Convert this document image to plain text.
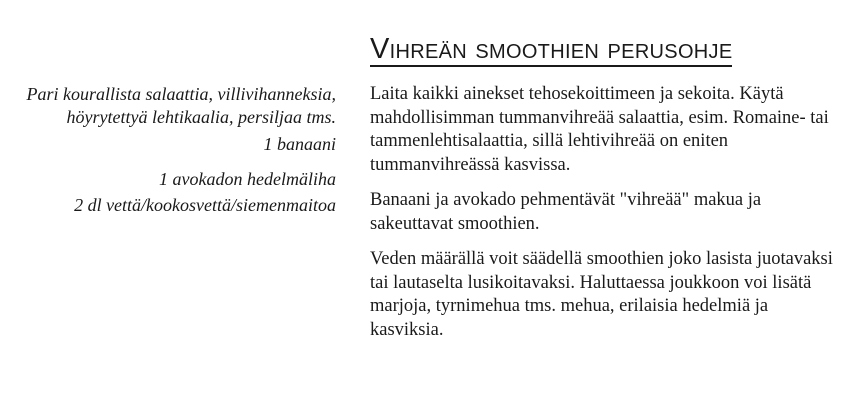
Vihreän smoothien perusohje

Pari kourallista salaattia, villivihanneksia, höyrytettyä lehtikaalia, persiljaa tms.

1 banaani

1 avokadon hedelmäliha

2 dl vettä/kookosvettä/siemenmaitoa

Laita kaikki ainekset tehosekoittimeen ja sekoita. Käytä mahdollisimman tummanvihreää salaattia, esim. Romaine- tai tammenlehtisalaattia, sillä lehtivihreää on eniten tummanvihreässä kasvissa.

Banaani ja avokado pehmentävät "vihreää" makua ja sakeuttavat smoothien.

Veden määrällä voit säädellä smoothien joko lasista juotavaksi tai lautaselta lusikoitavaksi. Haluttaessa joukkoon voi lisätä marjoja, tyrnimehua tms. mehua, erilaisia hedelmiä ja kasviksia.
